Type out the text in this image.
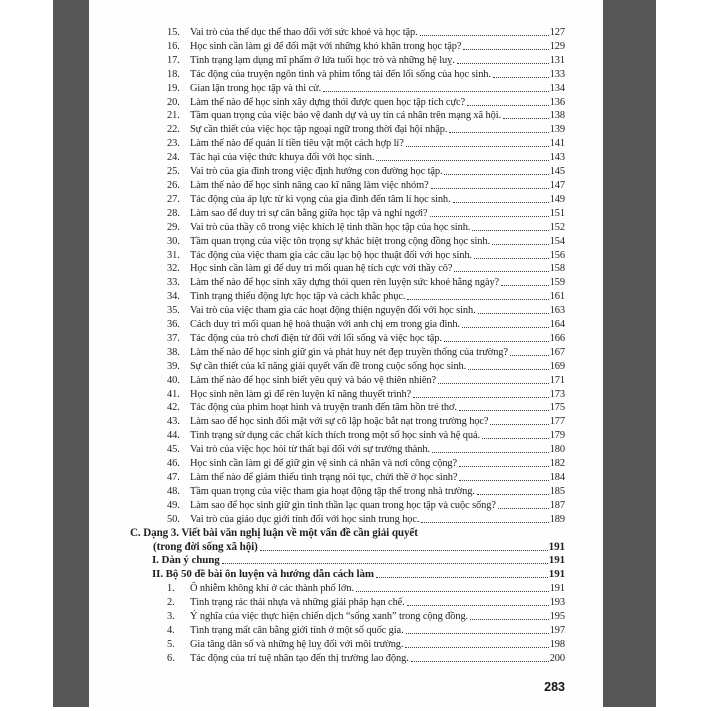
15. Vai trò của thể dục thể thao đối với sức khoẻ và học tập.	127
16. Học sinh cần làm gì để đối mặt với những khó khăn trong học tập?	129
17. Tình trạng lạm dụng mĩ phẩm ở lứa tuổi học trò và những hệ luỵ.	131
18. Tác động của truyện ngôn tình và phim tổng tài đến lối sống của học sinh.	133
19. Gian lận trong học tập và thi cử.	134
20. Làm thế nào để học sinh xây dựng thói được quen học tập tích cực?	136
21. Tầm quan trọng của việc bảo vệ danh dự và uy tín cá nhân trên mạng xã hội.	138
22. Sự cần thiết của việc học tập ngoại ngữ trong thời đại hội nhập.	139
23. Làm thế nào để quản lí tiền tiêu vặt một cách hợp lí?	141
24. Tác hại của việc thức khuya đối với học sinh.	143
25. Vai trò của gia đình trong việc định hướng con đường học tập.	145
26. Làm thế nào để học sinh nâng cao kĩ năng làm việc nhóm?	147
27. Tác động của áp lực từ kì vọng của gia đình đến tâm lí học sinh.	149
28. Làm sao để duy trì sự cân bằng giữa học tập và nghỉ ngơi?	151
29. Vai trò của thầy cô trong việc khích lệ tinh thần học tập của học sinh.	152
30. Tầm quan trọng của việc tôn trọng sự khác biệt trong cộng đồng học sinh.	154
31. Tác động của việc tham gia các câu lạc bộ học thuật đối với học sinh.	156
32. Học sinh cần làm gì để duy trì mối quan hệ tích cực với thầy cô?	158
33. Làm thế nào để học sinh xây dựng thói quen rèn luyện sức khoẻ hằng ngày?	159
34. Tình trạng thiếu động lực học tập và cách khắc phục.	161
35. Vai trò của việc tham gia các hoạt động thiện nguyện đối với học sinh.	163
36. Cách duy trì mối quan hệ hoà thuận với anh chị em trong gia đình.	164
37. Tác động của trò chơi điện tử đối với lối sống và việc học tập.	166
38. Làm thế nào để học sinh giữ gìn và phát huy nét đẹp truyền thống của trường?	167
39. Sự cần thiết của kĩ năng giải quyết vấn đề trong cuộc sống học sinh.	169
40. Làm thế nào để học sinh biết yêu quý và bảo vệ thiên nhiên?	171
41. Học sinh nên làm gì để rèn luyện kĩ năng thuyết trình?	173
42. Tác động của phim hoạt hình và truyện tranh đến tâm hồn trẻ thơ.	175
43. Làm sao để học sinh đối mặt với sự cô lập hoặc bắt nạt trong trường học?	177
44. Tình trạng sử dụng các chất kích thích trong một số học sinh và hệ quả.	179
45. Vai trò của việc học hỏi từ thất bại đối với sự trưởng thành.	180
46. Học sinh cần làm gì để giữ gìn vệ sinh cá nhân và nơi công cộng?	182
47. Làm thế nào để giảm thiểu tình trạng nói tục, chửi thề ở học sinh?	184
48. Tầm quan trọng của việc tham gia hoạt động tập thể trong nhà trường.	185
49. Làm sao để học sinh giữ gìn tinh thần lạc quan trong học tập và cuộc sống?	187
50. Vai trò của giáo dục giới tính đối với học sinh trung học.	189
C. Dạng 3. Viết bài văn nghị luận về một vấn đề cần giải quyết
(trong đời sống xã hội)	191
I. Dàn ý chung	191
II. Bộ 50 đề bài ôn luyện và hướng dẫn cách làm	191
1.	Ô nhiễm không khí ở các thành phố lớn.	191
2.	Tình trạng rác thải nhựa và những giải pháp hạn chế.	193
3.	Ý nghĩa của việc thực hiện chiến dịch “sống xanh” trong cộng đồng.	195
4.	Tình trạng mất cân bằng giới tính ở một số quốc gia.	197
5.	Gia tăng dân số và những hệ luỵ đối với môi trường.	198
6.	Tác động của trí tuệ nhân tạo đến thị trường lao động.	200
283
